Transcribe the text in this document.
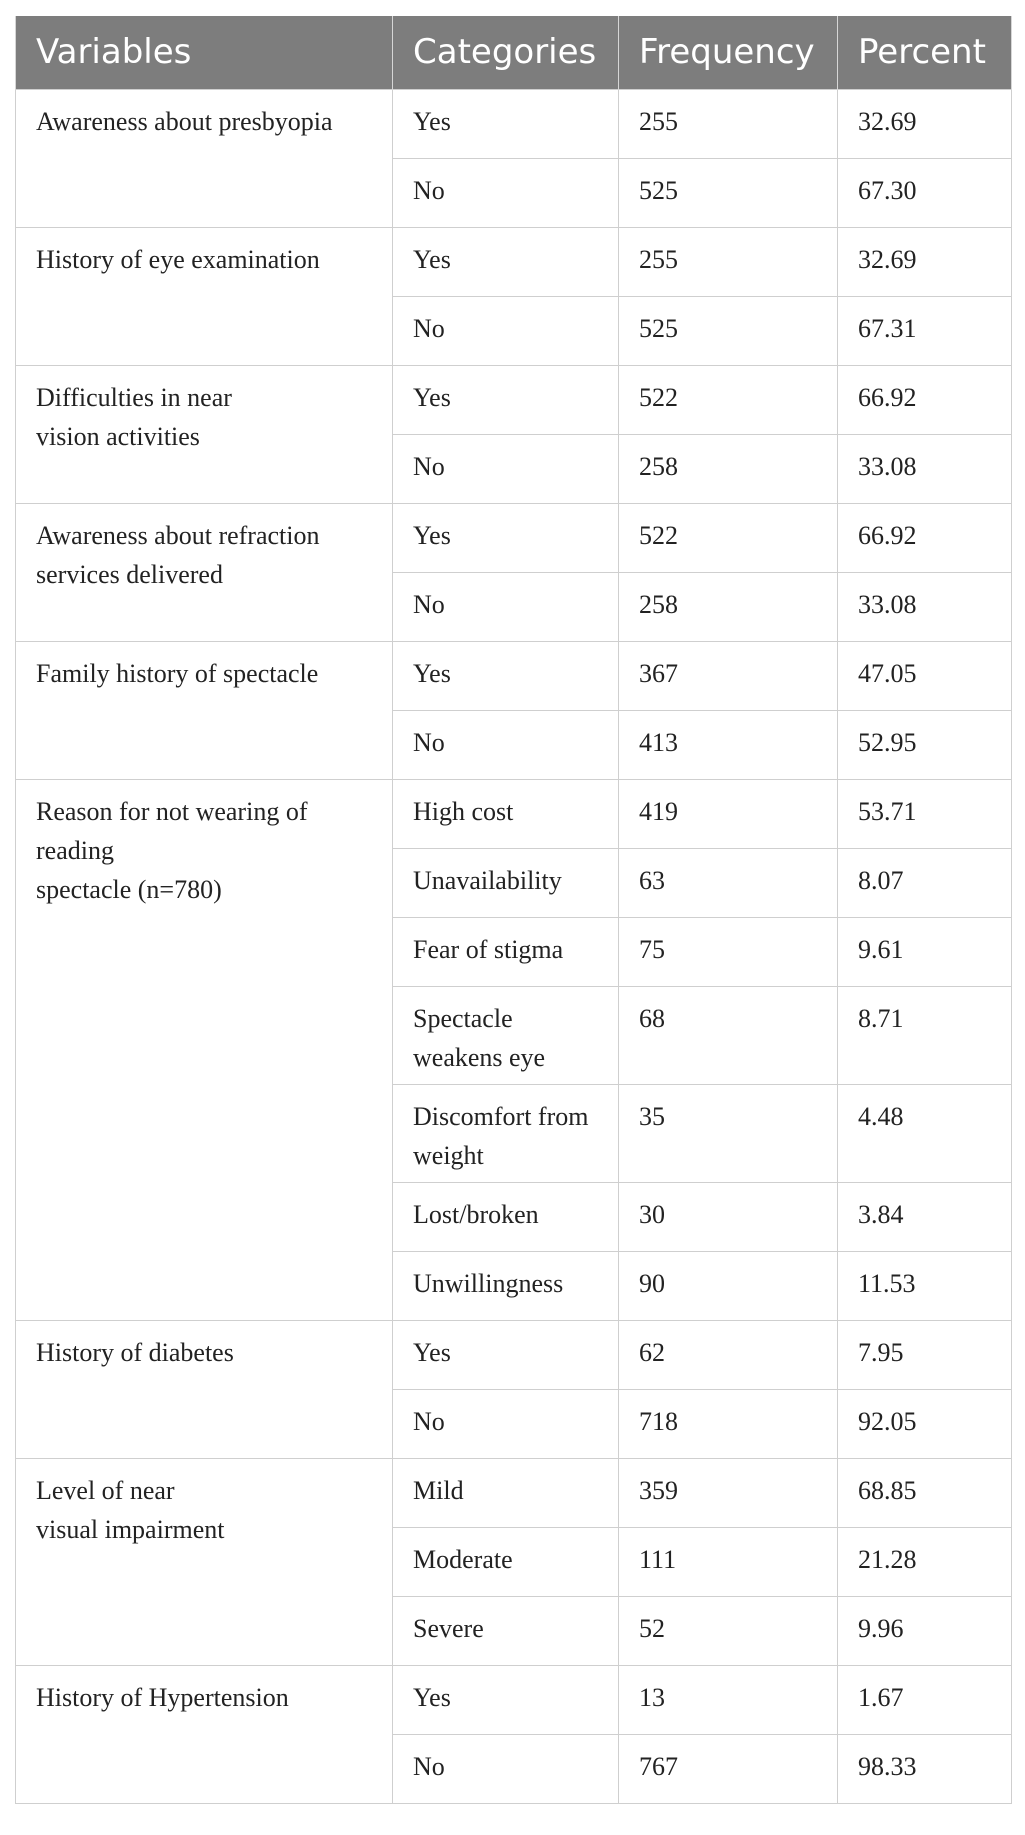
Variables	Categories	Frequency	Percent
Awareness about presbyopia	Yes	255	32.69
	No	525	67.30
History of eye examination	Yes	255	32.69
	No	525	67.31
Difficulties in near
vision activities	Yes	522	66.92
	No	258	33.08
Awareness about refraction services delivered	Yes	522	66.92
	No	258	33.08
Family history of spectacle	Yes	367	47.05
	No	413	52.95
Reason for not wearing of reading
spectacle (n=780)	High cost	419	53.71
	Unavailability	63	8.07
	Fear of stigma	75	9.61
	Spectacle weakens eye	68	8.71
	Discomfort from weight	35	4.48
	Lost/broken	30	3.84
	Unwillingness	90	11.53
History of diabetes	Yes	62	7.95
	No	718	92.05
Level of near
visual impairment	Mild	359	68.85
	Moderate	111	21.28
	Severe	52	9.96
History of Hypertension	Yes	13	1.67
	No	767	98.33
